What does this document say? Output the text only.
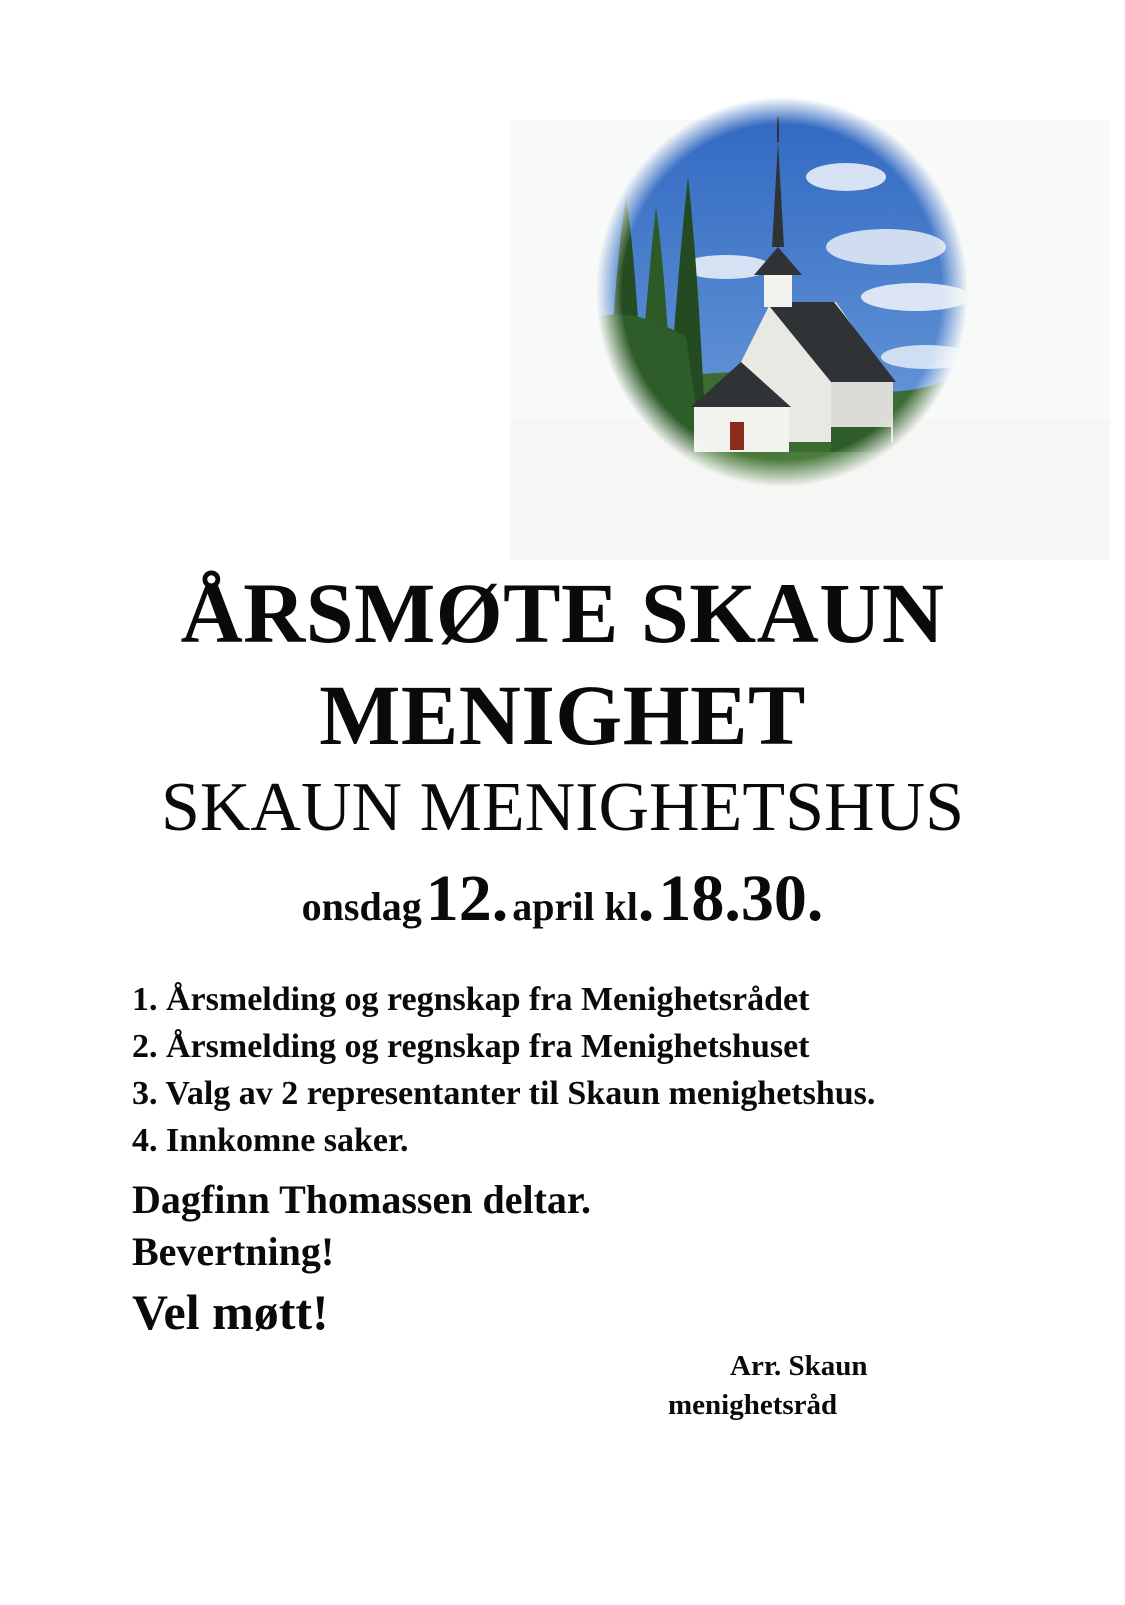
ÅRSMØTE SKAUN
MENIGHET
SKAUN MENIGHETSHUS
onsdag 12. april kl. 18.30.
1. Årsmelding og regnskap fra Menighetsrådet
2. Årsmelding og regnskap fra Menighetshuset
3. Valg av 2 representanter til Skaun menighetshus.
4. Innkomne saker.
Dagfinn Thomassen deltar.
Bevertning!
Vel møtt!
Arr. Skaun
menighetsråd
